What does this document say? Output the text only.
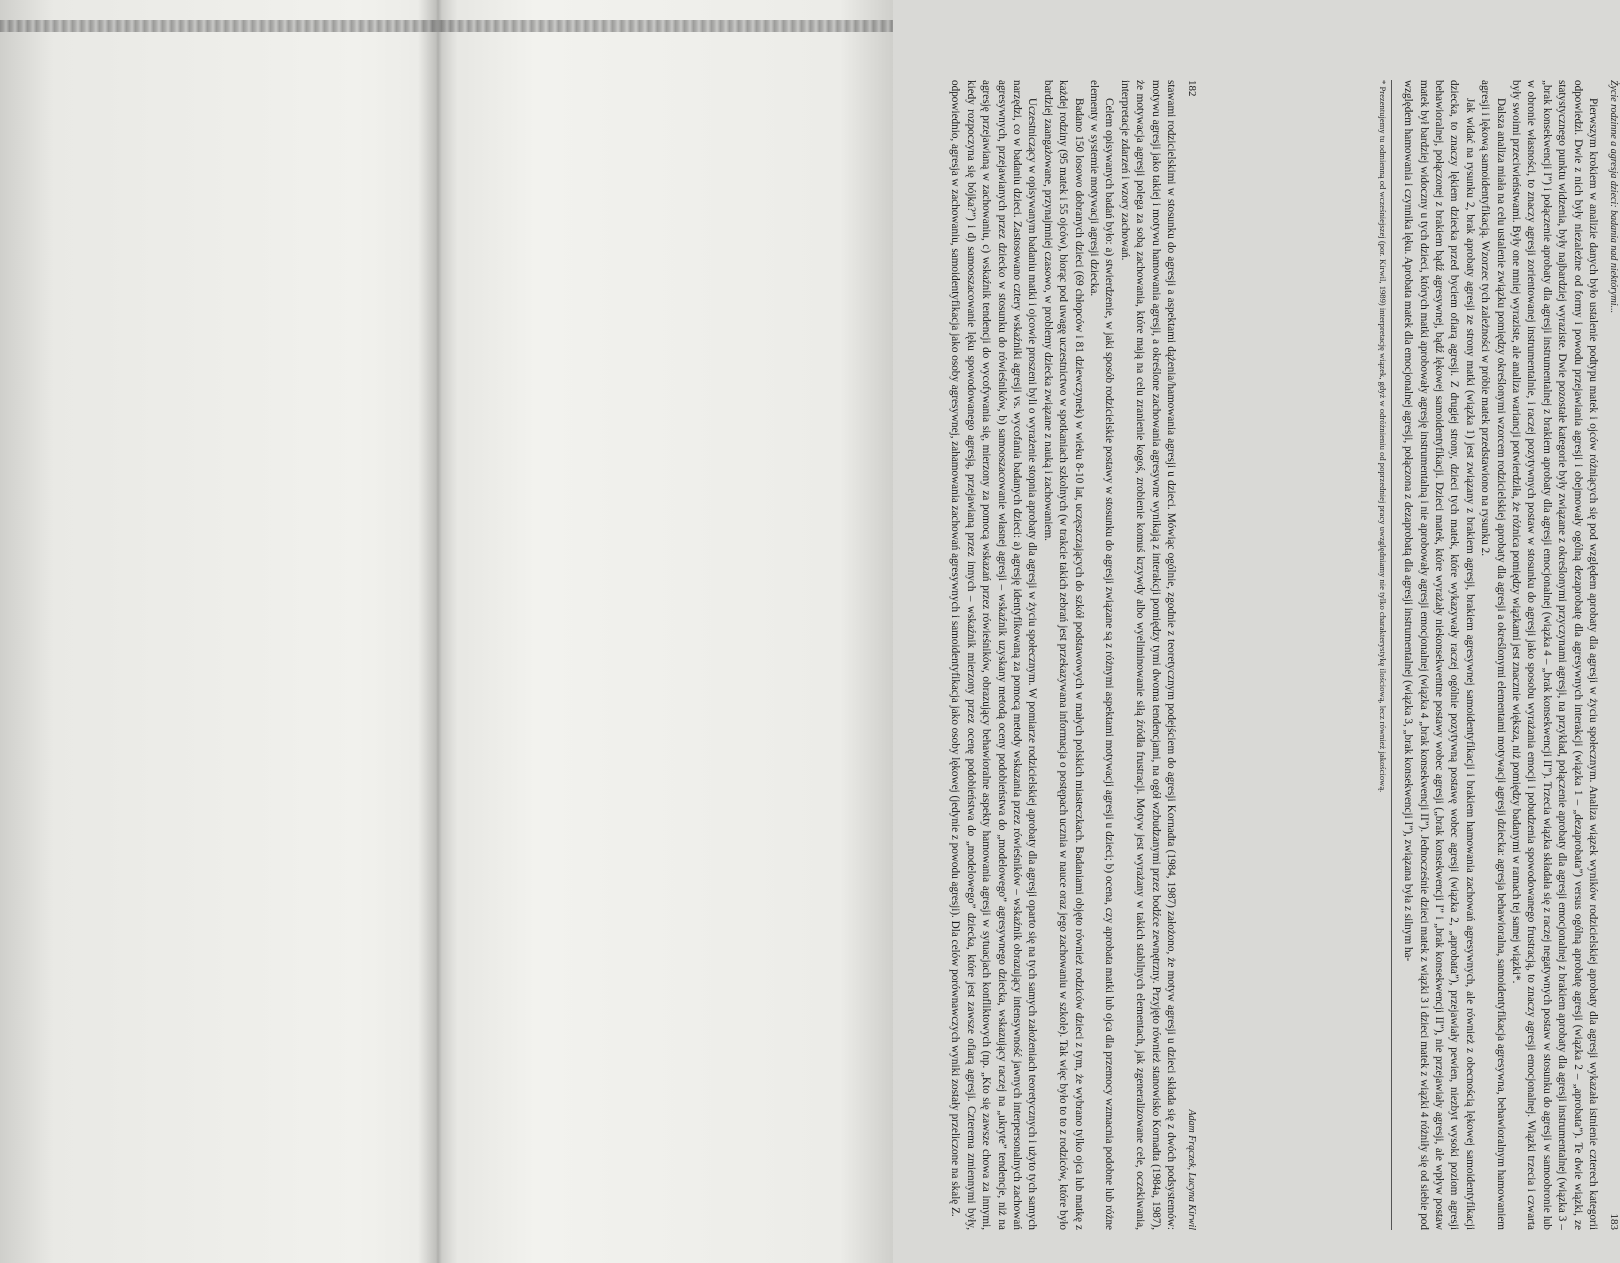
182
Adam Frączek, Lucyna Kirwil

stawami rodzicielskimi w stosunku do agresji a aspektami dążenia/hamowania agresji u dzieci. Mówiąc ogólnie, zgodnie z teoretycznym podejściem do agresji Kornadta (1984, 1987) założono, że motyw agresji u dzieci składa się z dwóch podsystemów: motywu agresji jako takiej i motywu hamowania agresji, a określone zachowania agresywne wynikają z interakcji pomiędzy tymi dwoma tendencjami, na ogół wzbudzanymi przez bodźce zewnętrzny. Przyjęto również stanowisko Kornadta (1984a, 1987), że motywacja agresji polega za sobą zachowania, które mają na celu zranienie kogoś, zrobienie komuś krzywdy albo wyeliminowanie siłą źródła frustracji. Motyw jest wyrażany w takich stabilnych elementach, jak zgeneralizowane cele, oczekiwania, interpretacje zdarzeń i wzory zachowań.

Celem opisywanych badań było: a) stwierdzenie, w jaki sposób rodzicielskie postawy w stosunku do agresji związane są z różnymi aspektami motywacji agresji u dzieci; b) ocena, czy aprobata matki lub ojca dla przemocy wzmacnia podobne lub różne elementy w systemie motywacji agresji dziecka.

Badano 150 losowo dobranych dzieci (69 chłopców i 81 dziewczynek) w wieku 8-10 lat, uczęszczających do szkół podstawowych w małych polskich miasteczkach. Badaniami objęto również rodziców dzieci z tym, że wybrano tylko ojca lub matkę z każdej rodziny (95 matek i 55 ojców), biorąc pod uwagę uczestnictwo w spotkaniach szkolnych (w trakcie takich zebrań jest przekazywana informacja o postępach ucznia w nauce oraz jego zachowaniu w szkole). Tak więc było to to z rodziców, które było bardziej zaangażowane, przynajmniej czasowo, w problemy dziecka związane z nauką i zachowaniem.

Uczestniczący w opisywanym badaniu matki i ojcowie proszeni byli o wyrażenie stopnia aprobaty dla agresji w życiu społecznym. W pomiarze rodzicielskiej aprobaty dla agresji oparto się na tych samych założeniach teoretycznych i użyto tych samych narzędzi, co w badaniu dzieci. Zastosowano cztery wskaźniki agresji vs. wycofania badanych dzieci: a) agresję identyfikowaną za pomocą metody wskazania przez rówieśników – wskaźnik obrazujący intensywność jawnych interpersonalnych zachowań agresywnych, przejawianych przez dziecko w stosunku do rówieśników, b) samooszacowanie własnej agresji – wskaźnik uzyskany metodą oceny podobieństwa do „modelowego” agresywnego dziecka, wskazujący raczej na „ukryte” tendencje, niż na agresję przejawianą w zachowaniu, c) wskaźnik tendencji do wycofywania się, mierzony za pomocą wskazań przez rówieśników, obrazujący behawioralne aspekty hamowania agresji w sytuacjach konfliktowych (np. „Kto się zawsze chowa za innymi, kiedy rozpoczyna się bójka?”) i d) samooszacowanie lęku spowodowanego agresją, przejawianą przez innych – wskaźnik mierzony przez ocenę podobieństwa do „modelowego” dziecka, które jest zawsze ofiarą agresji. Czterema zmiennymi były, odpowiednio, agresja w zachowaniu, samoidentyfikacja jako osoby agresywnej, zahamowania zachowań agresywnych i samoidentyfikacja jako osoby lękowej (jedynie z powodu agresji). Dla celów porównawczych wyniki zostały przeliczone na skalę Z.	Życie rodzinne a agresja dzieci: badania nad niektórymi...
183

Pierwszym krokiem w analizie danych było ustalenie podtypu matek i ojców różniących się pod względem aprobaty dla agresji w życiu społecznym. Analiza wiązek wyników rodzicielskiej aprobaty dla agresji wykazała istnienie czterech kategorii odpowiedzi. Dwie z nich były niezależne od formy i powodu przejawiania agresji i obejmowały ogólną dezaprobatę dla agresywnych interakcji (wiązka 1 – „dezaprobata”) versus ogólną aprobatę agresji (wiązka 2 – „aprobata”). Te dwie wiązki, ze statystycznego punktu widzenia, były najbardziej wyraziste. Dwie pozostałe kategorie były związane z określonymi przyczynami agresji, na przykład, połączenie aprobaty dla agresji emocjonalnej z brakiem aprobaty dla agresji instrumentalnej (wiązka 3 – „brak konsekwencji I”) i połączenie aprobaty dla agresji instrumentalnej z brakiem aprobaty dla agresji emocjonalnej (wiązka 4 – „brak konsekwencji II”). Trzecia wiązka składała się z raczej negatywnych postaw w stosunku do agresji w samoobronie lub w obronie własności, to znaczy agresji zorientowanej instrumentalnie, i raczej pozytywnych postaw w stosunku do agresji jako sposobu wyrażania emocji i pobudzenia spowodowanego frustracją, to znaczy agresji emocjonalnej. Wiązki trzecia i czwarta były swoimi przeciwieństwami. Były one mniej wyraziste, ale analiza wariancji potwierdziła, że różnica pomiędzy wiązkami jest znacznie większa, niż pomiędzy badanymi w ramach tej samej wiązki*.

Dalsza analiza miała na celu ustalenie związku pomiędzy określonymi wzorcem rodzicielskiej aprobaty dla agresji a określonymi elementami motywacji agresji dziecka: agresja behawioralna, samoidentyfikacja agresywna, behawioralnym hamowaniem agresji i lękową samoidentyfikacją. Wzorzec tych zależności w próbie matek przedstawiono na rysunku 2.

Jak widać na rysunku 2, brak aprobaty agresji ze strony matki (wiązka 1) jest związany z brakiem agresji, brakiem agresywnej samoidentyfikacji i brakiem hamowania zachowań agresywnych, ale również z obecnością lękowej samoidentyfikacji dziecka, to znaczy lękiem dziecka przed byciem ofiarą agresji. Z drugiej strony, dzieci tych matek, które wykazywały raczej ogólnie pozytywną postawę wobec agresji (wiązka 2, „aprobata”), przejawiały pewien, niezbyt wysoki poziom agresji behawioralnej, połączonej z brakiem bądź agresywnej, bądź lękowej samoidentyfikacji. Dzieci matek, które wyrażały niekonsekwentne postawy wobec agresji („brak konsekwencji I” i „brak konsekwencji II”), nie przejawiały agresji, ale wpływ postaw matek był bardziej widoczny u tych dzieci, których matki aprobowały agresję instrumentalną i nie aprobowały agresji emocjonalnej (wiązka 4 „brak konsekwencji II”). Jednocześnie dzieci matek z wiązki 3 i dzieci matek z wiązki 4 różniły się od siebie pod względem hamowania i czynnika lęku. Aprobata matek dla emocjonalnej agresji, połączona z dezaprobatą dla agresji instrumentalnej (wiązka 3, „brak konsekwencji I”), związana była z silnym ha-

* Prezentujemy tu odmienną od wcześniejszej (por. Kirwil, 1989) interpretację wiązek, gdyż w odróżnieniu od poprzedniej pracy uwzględniamy nie tylko charakterystykę ilościową, lecz również jakościową.
